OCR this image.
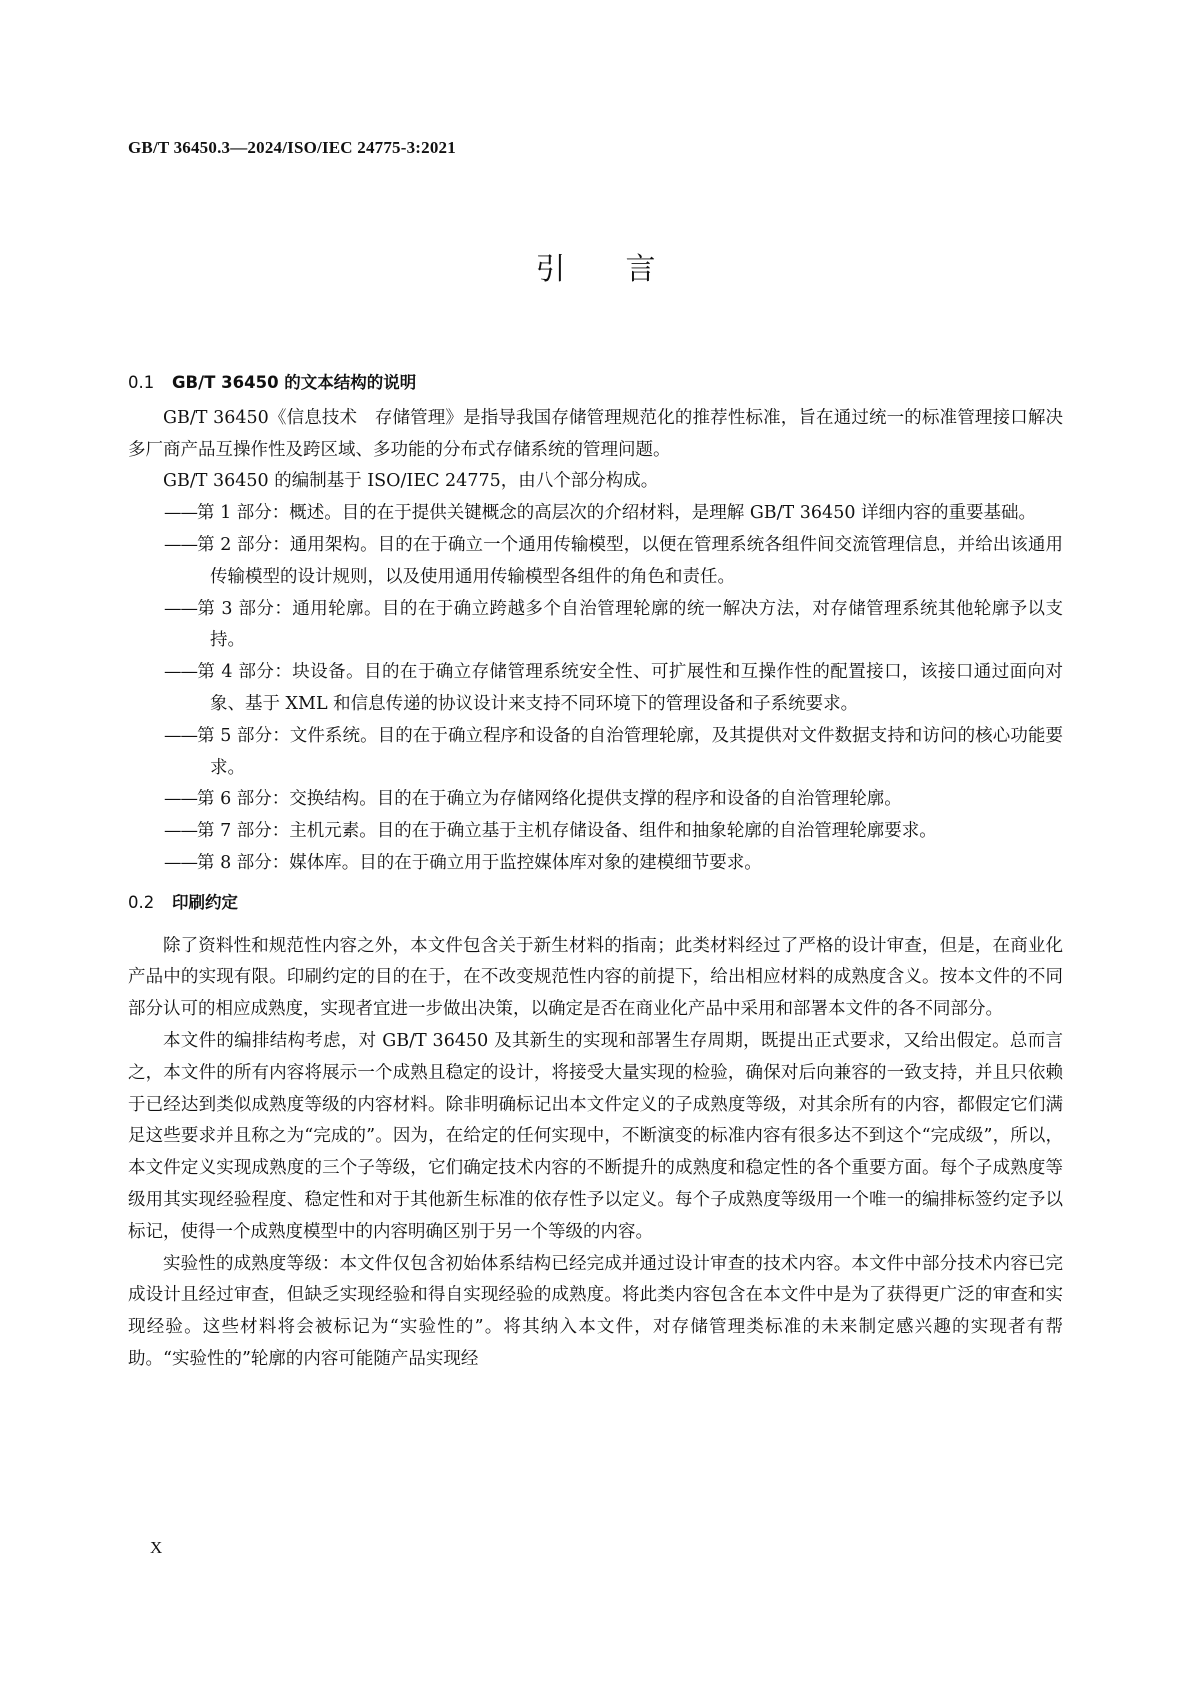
GB/T 36450.3—2024/ISO/IEC 24775-3:2021
引言
0.1	GB/T 36450 的文本结构的说明

GB/T 36450《信息技术　存储管理》是指导我国存储管理规范化的推荐性标准，旨在通过统一的标准管理接口解决多厂商产品互操作性及跨区域、多功能的分布式存储系统的管理问题。

GB/T 36450 的编制基于 ISO/IEC 24775，由八个部分构成。

——第 1 部分：概述。目的在于提供关键概念的高层次的介绍材料，是理解 GB/T 36450 详细内容的重要基础。

——第 2 部分：通用架构。目的在于确立一个通用传输模型，以便在管理系统各组件间交流管理信息，并给出该通用传输模型的设计规则，以及使用通用传输模型各组件的角色和责任。

——第 3 部分：通用轮廓。目的在于确立跨越多个自治管理轮廓的统一解决方法，对存储管理系统其他轮廓予以支持。

——第 4 部分：块设备。目的在于确立存储管理系统安全性、可扩展性和互操作性的配置接口，该接口通过面向对象、基于 XML 和信息传递的协议设计来支持不同环境下的管理设备和子系统要求。

——第 5 部分：文件系统。目的在于确立程序和设备的自治管理轮廓，及其提供对文件数据支持和访问的核心功能要求。

——第 6 部分：交换结构。目的在于确立为存储网络化提供支撑的程序和设备的自治管理轮廓。

——第 7 部分：主机元素。目的在于确立基于主机存储设备、组件和抽象轮廓的自治管理轮廓要求。

——第 8 部分：媒体库。目的在于确立用于监控媒体库对象的建模细节要求。

0.2	印刷约定

除了资料性和规范性内容之外，本文件包含关于新生材料的指南；此类材料经过了严格的设计审查，但是，在商业化产品中的实现有限。印刷约定的目的在于，在不改变规范性内容的前提下，给出相应材料的成熟度含义。按本文件的不同部分认可的相应成熟度，实现者宜进一步做出决策，以确定是否在商业化产品中采用和部署本文件的各不同部分。

本文件的编排结构考虑，对 GB/T 36450 及其新生的实现和部署生存周期，既提出正式要求，又给出假定。总而言之，本文件的所有内容将展示一个成熟且稳定的设计，将接受大量实现的检验，确保对后向兼容的一致支持，并且只依赖于已经达到类似成熟度等级的内容材料。除非明确标记出本文件定义的子成熟度等级，对其余所有的内容，都假定它们满足这些要求并且称之为“完成的”。因为，在给定的任何实现中，不断演变的标准内容有很多达不到这个“完成级”，所以，本文件定义实现成熟度的三个子等级，它们确定技术内容的不断提升的成熟度和稳定性的各个重要方面。每个子成熟度等级用其实现经验程度、稳定性和对于其他新生标准的依存性予以定义。每个子成熟度等级用一个唯一的编排标签约定予以标记，使得一个成熟度模型中的内容明确区别于另一个等级的内容。

实验性的成熟度等级：本文件仅包含初始体系结构已经完成并通过设计审查的技术内容。本文件中部分技术内容已完成设计且经过审查，但缺乏实现经验和得自实现经验的成熟度。将此类内容包含在本文件中是为了获得更广泛的审查和实现经验。这些材料将会被标记为“实验性的”。将其纳入本文件，对存储管理类标准的未来制定感兴趣的实现者有帮助。“实验性的”轮廓的内容可能随产品实现经

X
